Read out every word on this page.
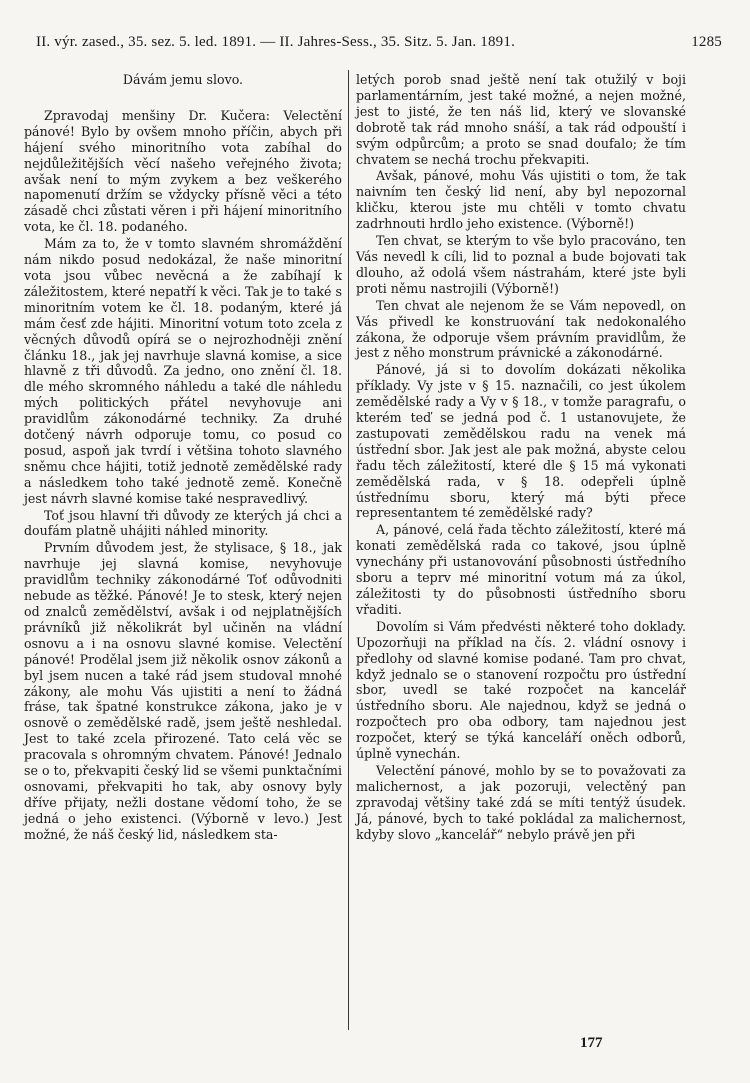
II. výr. zased., 35. sez. 5. led. 1891. — II. Jahres-Sess., 35. Sitz. 5. Jan. 1891.	1285

Dávám jemu slovo.

Zpravodaj menšiny Dr. Kučera: Velectění pánové! Bylo by ovšem mnoho příčin, abych při hájení svého minoritního vota zabíhal do nejdůležitějších věcí našeho veřejného života; avšak není to mým zvykem a bez veškerého napomenutí držím se vždycky přísně věci a této zásadě chci zůstati věren i při hájení minoritního vota, ke čl. 18. podaného.

Mám za to, že v tomto slavném shromáždění nám nikdo posud nedokázal, že naše minoritní vota jsou vůbec nevěcná a že zabíhají k záležitostem, které nepatří k věci. Tak je to také s minoritním votem ke čl. 18. podaným, které já mám česť zde hájiti. Minoritní votum toto zcela z věcných důvodů opírá se o nejrozhodněji znění článku 18., jak jej navrhuje slavná komise, a sice hlavně z tři důvodů. Za jedno, ono znění čl. 18. dle mého skromného náhledu a také dle náhledu mých politických přátel nevyhovuje ani pravidlům zákonodárné techniky. Za druhé dotčený návrh odporuje tomu, co posud co posud, aspoň jak tvrdí i většina tohoto slavného sněmu chce hájiti, totiž jednotě zemědělské rady a následkem toho také jednotě země. Konečně jest návrh slavné komise také nespravedlivý.

Toť jsou hlavní tři důvody ze kterých já chci a doufám platně uhájiti náhled minority.

Prvním důvodem jest, že stylisace, § 18., jak navrhuje jej slavná komise, nevyhovuje pravidlům techniky zákonodárné Toť odůvodniti nebude as těžké. Pánové! Je to stesk, který nejen od znalců zemědělství, avšak i od nejplatnějších právníků již několikrát byl učiněn na vládní osnovu a i na osnovu slavné komise. Velectění pánové! Prodělal jsem již několik osnov zákonů a byl jsem nucen a také rád jsem studoval mnohé zákony, ale mohu Vás ujistiti a není to žádná fráse, tak špatné konstrukce zákona, jako je v osnově o zemědělské radě, jsem ještě neshledal. Jest to také zcela přirozené. Tato celá věc se pracovala s ohromným chvatem. Pánové! Jednalo se o to, překvapiti český lid se všemi punktačními osnovami, překvapiti ho tak, aby osnovy byly dříve přijaty, nežli dostane vědomí toho, že se jedná o jeho existenci. (Výborně v levo.) Jest možné, že náš český lid, následkem sta-

letých porob snad ještě není tak otužilý v boji parlamentárním, jest také možné, a nejen možné, jest to jisté, že ten náš lid, který ve slovanské dobrotě tak rád mnoho snáší, a tak rád odpouští i svým odpůrcům; a proto se snad doufalo; že tím chvatem se nechá trochu překvapiti.

Avšak, pánové, mohu Vás ujistiti o tom, že tak naivním ten český lid není, aby byl nepozornal kličku, kterou jste mu chtěli v tomto chvatu zadrhnouti hrdlo jeho existence. (Výborně!)

Ten chvat, se kterým to vše bylo pracováno, ten Vás nevedl k cíli, lid to poznal a bude bojovati tak dlouho, až odolá všem nástrahám, které jste byli proti němu nastrojili (Výborně!)

Ten chvat ale nejenom že se Vám nepovedl, on Vás přivedl ke konstruování tak nedokonalého zákona, že odporuje všem právním pravidlům, že jest z něho monstrum právnické a zákonodárné.

Pánové, já si to dovolím dokázati několika příklady. Vy jste v § 15. naznačili, co jest úkolem zemědělské rady a Vy v § 18., v tomže paragrafu, o kterém teď se jedná pod č. 1 ustanovujete, že zastupovati zemědělskou radu na venek má ústřední sbor. Jak jest ale pak možná, abyste celou řadu těch záležitostí, které dle § 15 má vykonati zemědělská rada, v § 18. odepřeli úplně ústřednímu sboru, který má býti přece representantem té zemědělské rady?

A, pánové, celá řada těchto záležitostí, které má konati zemědělská rada co takové, jsou úplně vynechány při ustanovování působnosti ústředního sboru a teprv mé minoritní votum má za úkol, záležitosti ty do působnosti ústředního sboru vřaditi.

Dovolím si Vám předvésti některé toho doklady. Upozorňuji na příklad na čís. 2. vládní osnovy i předlohy od slavné komise podané. Tam pro chvat, když jednalo se o stanovení rozpočtu pro ústřední sbor, uvedl se také rozpočet na kancelář ústředního sboru. Ale najednou, když se jedná o rozpočtech pro oba odbory, tam najednou jest rozpočet, který se týká kanceláří oněch odborů, úplně vynechán.

Velectění pánové, mohlo by se to považovati za malichernost, a jak pozoruji, velectěný pan zpravodaj většiny také zdá se míti tentýž úsudek. Já, pánové, bych to také pokládal za malichernost, kdyby slovo „kancelář“ nebylo právě jen při

177
